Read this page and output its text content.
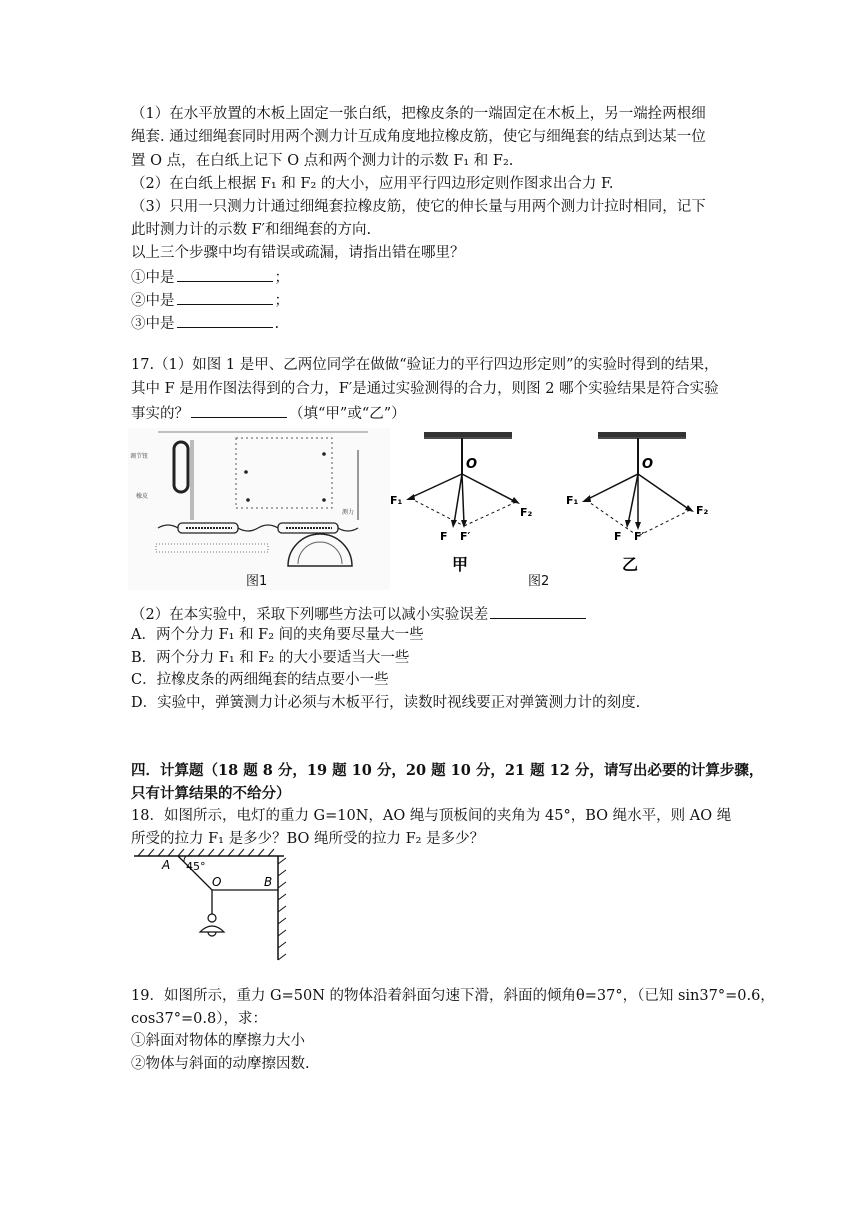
（1）在水平放置的木板上固定一张白纸，把橡皮条的一端固定在木板上，另一端拴两根细
绳套. 通过细绳套同时用两个测力计互成角度地拉橡皮筋，使它与细绳套的结点到达某一位
置 O 点，在白纸上记下 O 点和两个测力计的示数 F₁ 和 F₂.
（2）在白纸上根据 F₁ 和 F₂ 的大小，应用平行四边形定则作图求出合力 F.
（3）只用一只测力计通过细绳套拉橡皮筋，使它的伸长量与用两个测力计拉时相同，记下
此时测力计的示数 F′和细绳套的方向.
以上三个步骤中均有错误或疏漏，请指出错在哪里？
①中是	；
②中是	；
③中是	.
17.（1）如图 1 是甲、乙两位同学在做做“验证力的平行四边形定则”的实验时得到的结果，
其中 F 是用作图法得到的合力，F′是通过实验测得的合力，则图 2 哪个实验结果是符合实验
事实的？	（填“甲”或“乙”）
调节钮
橡皮
测力
图1
O
F₁
F₂
F F′
甲
O
F₁
F₂
F F′
乙
图2
（2）在本实验中，采取下列哪些方法可以减小实验误差
A．两个分力 F₁ 和 F₂ 间的夹角要尽量大一些
B．两个分力 F₁ 和 F₂ 的大小要适当大一些
C．拉橡皮条的两细绳套的结点要小一些
D．实验中，弹簧测力计必须与木板平行，读数时视线要正对弹簧测力计的刻度.
四．计算题（18 题 8 分，19 题 10 分，20 题 10 分，21 题 12 分，请写出必要的计算步骤，
只有计算结果的不给分）
18．如图所示，电灯的重力 G=10N，AO 绳与顶板间的夹角为 45°，BO 绳水平，则 AO 绳
所受的拉力 F₁ 是多少？BO 绳所受的拉力 F₂ 是多少？
A 45°
O	B
19．如图所示，重力 G=50N 的物体沿着斜面匀速下滑，斜面的倾角θ=37°，（已知 sin37°=0.6，
cos37°=0.8），求：
①斜面对物体的摩擦力大小
②物体与斜面的动摩擦因数.
